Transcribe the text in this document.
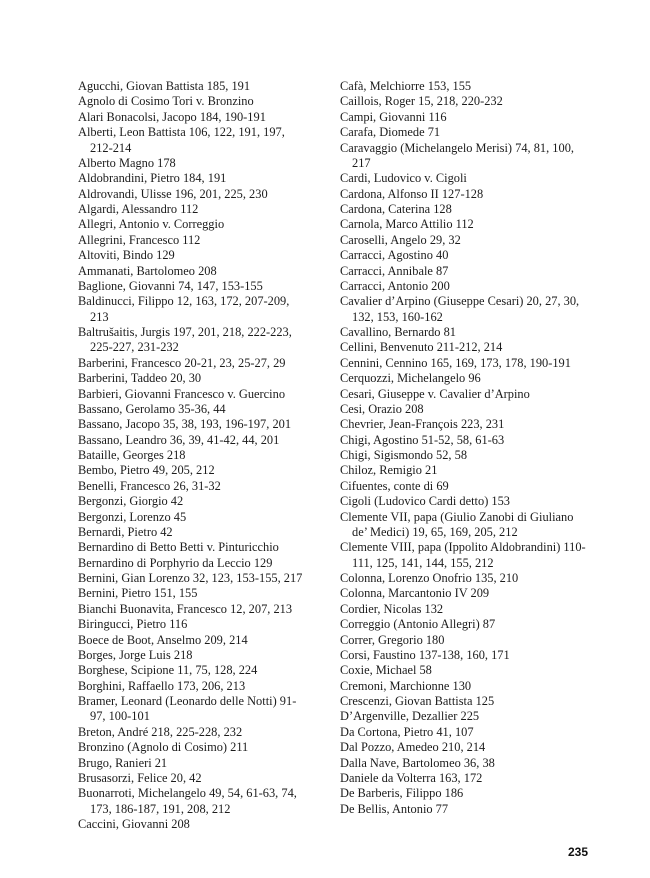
Agucchi, Giovan Battista 185, 191
Agnolo di Cosimo Tori v. Bronzino
Alari Bonacolsi, Jacopo 184, 190-191
Alberti, Leon Battista 106, 122, 191, 197, 212-214
Alberto Magno 178
Aldobrandini, Pietro 184, 191
Aldrovandi, Ulisse 196, 201, 225, 230
Algardi, Alessandro 112
Allegri, Antonio v. Correggio
Allegrini, Francesco 112
Altoviti, Bindo 129
Ammanati, Bartolomeo 208
Baglione, Giovanni 74, 147, 153-155
Baldinucci, Filippo 12, 163, 172, 207-209, 213
Baltrušaitis, Jurgis 197, 201, 218, 222-223, 225-227, 231-232
Barberini, Francesco 20-21, 23, 25-27, 29
Barberini, Taddeo 20, 30
Barbieri, Giovanni Francesco v. Guercino
Bassano, Gerolamo 35-36, 44
Bassano, Jacopo 35, 38, 193, 196-197, 201
Bassano, Leandro 36, 39, 41-42, 44, 201
Bataille, Georges 218
Bembo, Pietro 49, 205, 212
Benelli, Francesco 26, 31-32
Bergonzi, Giorgio 42
Bergonzi, Lorenzo 45
Bernardi, Pietro 42
Bernardino di Betto Betti v. Pinturicchio
Bernardino di Porphyrio da Leccio 129
Bernini, Gian Lorenzo 32, 123, 153-155, 217
Bernini, Pietro 151, 155
Bianchi Buonavita, Francesco 12, 207, 213
Biringucci, Pietro 116
Boece de Boot, Anselmo 209, 214
Borges, Jorge Luis 218
Borghese, Scipione 11, 75, 128, 224
Borghini, Raffaello 173, 206, 213
Bramer, Leonard (Leonardo delle Notti) 91-97, 100-101
Breton, André 218, 225-228, 232
Bronzino (Agnolo di Cosimo) 211
Brugo, Ranieri 21
Brusasorzi, Felice 20, 42
Buonarroti, Michelangelo 49, 54, 61-63, 74, 173, 186-187, 191, 208, 212
Caccini, Giovanni 208
Cafà, Melchiorre 153, 155
Caillois, Roger 15, 218, 220-232
Campi, Giovanni 116
Carafa, Diomede 71
Caravaggio (Michelangelo Merisi) 74, 81, 100, 217
Cardi, Ludovico v. Cigoli
Cardona, Alfonso II 127-128
Cardona, Caterina 128
Carnola, Marco Attilio 112
Caroselli, Angelo 29, 32
Carracci, Agostino 40
Carracci, Annibale 87
Carracci, Antonio 200
Cavalier d’Arpino (Giuseppe Cesari) 20, 27, 30, 132, 153, 160-162
Cavallino, Bernardo 81
Cellini, Benvenuto 211-212, 214
Cennini, Cennino 165, 169, 173, 178, 190-191
Cerquozzi, Michelangelo 96
Cesari, Giuseppe v. Cavalier d’Arpino
Cesi, Orazio 208
Chevrier, Jean-François 223, 231
Chigi, Agostino 51-52, 58, 61-63
Chigi, Sigismondo 52, 58
Chiloz, Remigio 21
Cifuentes, conte di 69
Cigoli (Ludovico Cardi detto) 153
Clemente VII, papa (Giulio Zanobi di Giuliano de’ Medici) 19, 65, 169, 205, 212
Clemente VIII, papa (Ippolito Aldobrandini) 110-111, 125, 141, 144, 155, 212
Colonna, Lorenzo Onofrio 135, 210
Colonna, Marcantonio IV 209
Cordier, Nicolas 132
Correggio (Antonio Allegri) 87
Correr, Gregorio 180
Corsi, Faustino 137-138, 160, 171
Coxie, Michael 58
Cremoni, Marchionne 130
Crescenzi, Giovan Battista 125
D’Argenville, Dezallier 225
Da Cortona, Pietro 41, 107
Dal Pozzo, Amedeo 210, 214
Dalla Nave, Bartolomeo 36, 38
Daniele da Volterra 163, 172
De Barberis, Filippo 186
De Bellis, Antonio 77
235
